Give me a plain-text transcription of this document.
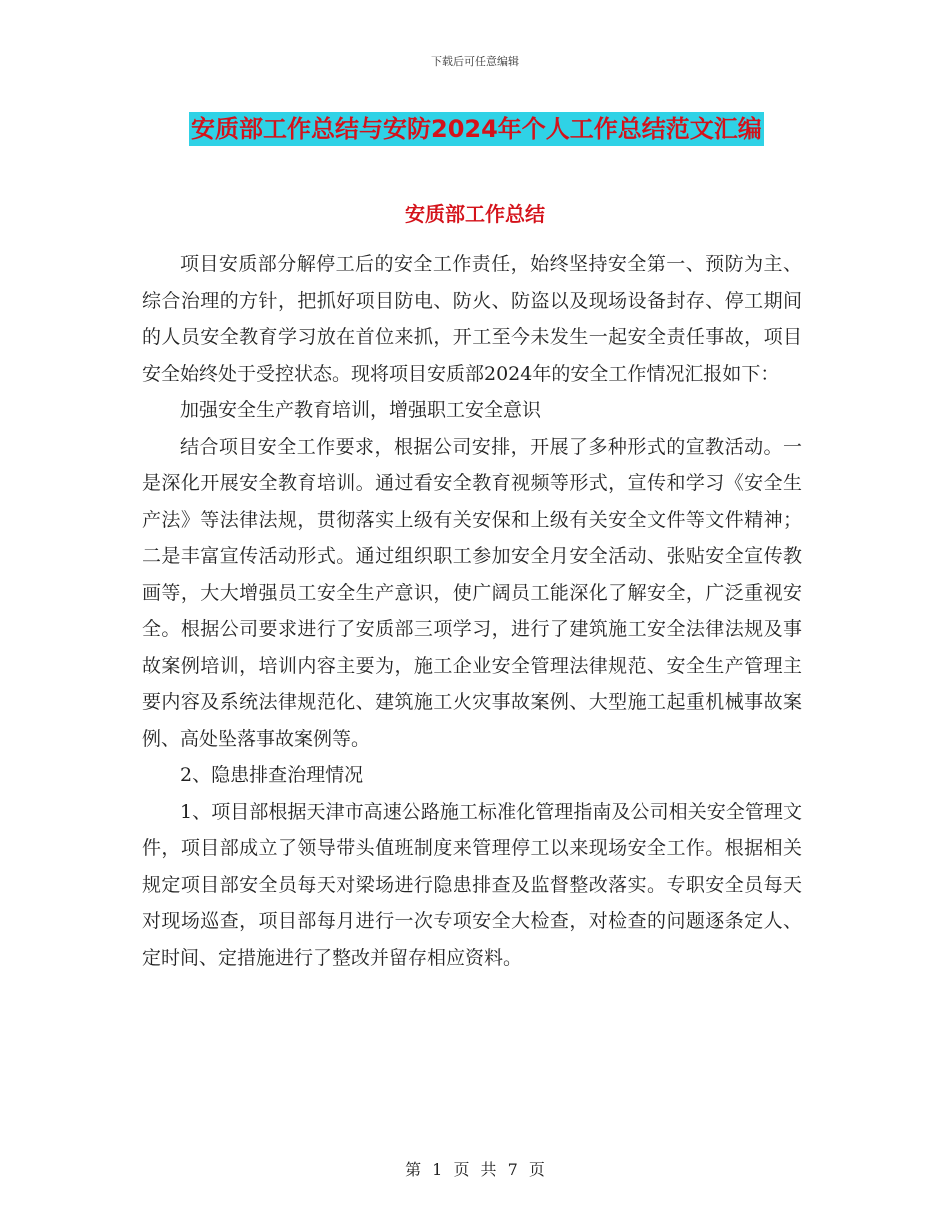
下载后可任意编辑
安质部工作总结与安防2024年个人工作总结范文汇编
安质部工作总结

项目安质部分解停工后的安全工作责任，始终坚持安全第一、预防为主、综合治理的方针，把抓好项目防电、防火、防盗以及现场设备封存、停工期间的人员安全教育学习放在首位来抓，开工至今未发生一起安全责任事故，项目安全始终处于受控状态。现将项目安质部2024年的安全工作情况汇报如下：

加强安全生产教育培训，增强职工安全意识

结合项目安全工作要求，根据公司安排，开展了多种形式的宣教活动。一是深化开展安全教育培训。通过看安全教育视频等形式，宣传和学习《安全生产法》等法律法规，贯彻落实上级有关安保和上级有关安全文件等文件精神；二是丰富宣传活动形式。通过组织职工参加安全月安全活动、张贴安全宣传教画等，大大增强员工安全生产意识，使广阔员工能深化了解安全，广泛重视安全。根据公司要求进行了安质部三项学习，进行了建筑施工安全法律法规及事故案例培训，培训内容主要为，施工企业安全管理法律规范、安全生产管理主要内容及系统法律规范化、建筑施工火灾事故案例、大型施工起重机械事故案例、高处坠落事故案例等。

2、隐患排查治理情况

1、项目部根据天津市高速公路施工标准化管理指南及公司相关安全管理文件，项目部成立了领导带头值班制度来管理停工以来现场安全工作。根据相关规定项目部安全员每天对梁场进行隐患排查及监督整改落实。专职安全员每天对现场巡查，项目部每月进行一次专项安全大检查，对检查的问题逐条定人、定时间、定措施进行了整改并留存相应资料。

第 1 页 共 7 页
